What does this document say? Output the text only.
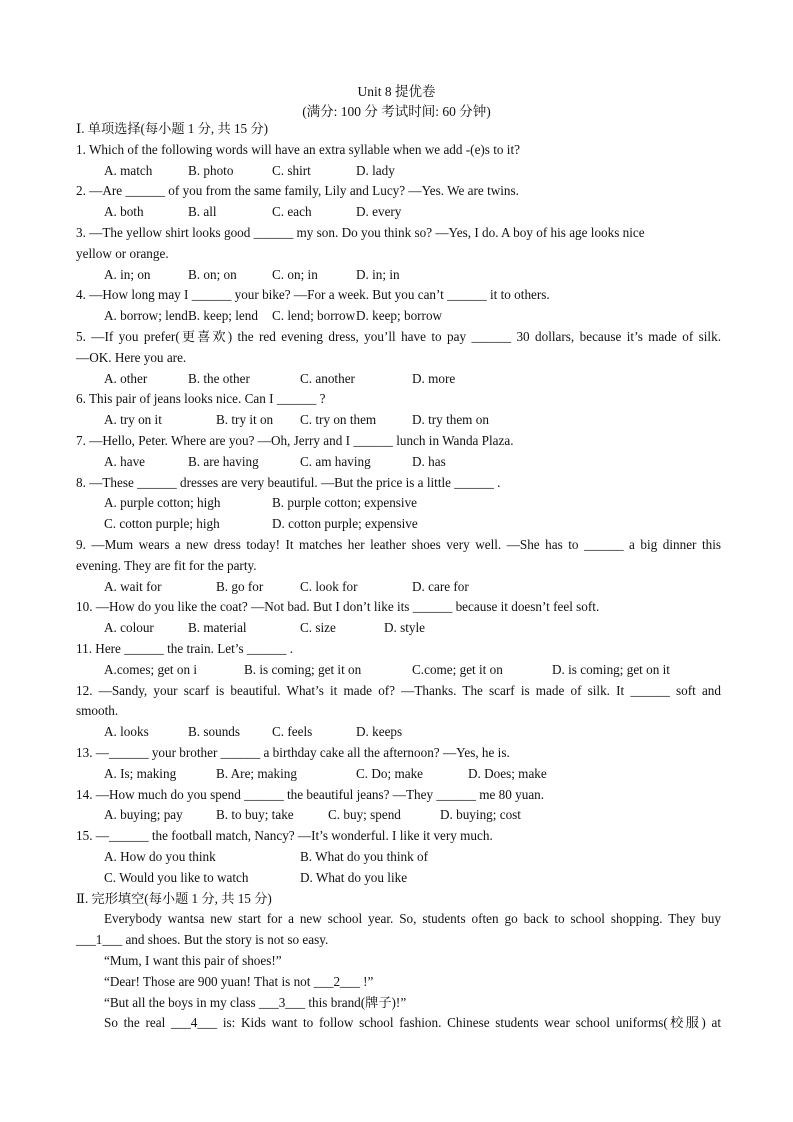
Unit 8 提优卷
(满分: 100 分 考试时间: 60 分钟)
Ⅰ. 单项选择(每小题 1 分, 共 15 分)
1. Which of the following words will have an extra syllable when we add -(e)s to it?
A. match	B. photo	C. shirt	D. lady
2. —Are ______ of you from the same family, Lily and Lucy? —Yes. We are twins.
A. both	B. all	C. each	D. every
3. —The yellow shirt looks good ______ my son. Do you think so? —Yes, I do. A boy of his age looks nice
yellow or orange.
A. in; on	B. on; on	C. on; in	D. in; in
4. —How long may I ______ your bike? —For a week. But you can’t ______ it to others.
A. borrow; lend B. keep; lend C. lend; borrow D. keep; borrow
5. —If you prefer(更喜欢) the red evening dress, you’ll have to pay ______ 30 dollars, because it’s made of silk.
—OK. Here you are.
A. other	B. the other	C. another	D. more
6. This pair of jeans looks nice. Can I ______ ?
A. try on it	B. try it on C. try on them	D. try them on
7. —Hello, Peter. Where are you? —Oh, Jerry and I ______ lunch in Wanda Plaza.
A. have	B. are having	C. am having	D. has
8. —These ______ dresses are very beautiful. —But the price is a little ______ .
A. purple cotton; high	B. purple cotton; expensive
C. cotton purple; high	D. cotton purple; expensive
9. —Mum wears a new dress today! It matches her leather shoes very well. —She has to ______ a big dinner this
evening. They are fit for the party.
A. wait for	B. go for	C. look for	D. care for
10. —How do you like the coat? —Not bad. But I don’t like its ______ because it doesn’t feel soft.
A. colour	B. material	C. size	D. style
11. Here ______ the train. Let’s ______ .
A.comes; get on i	B. is coming; get it on	C.come; get it on	D. is coming; get on it
12. —Sandy, your scarf is beautiful. What’s it made of? —Thanks. The scarf is made of silk. It ______ soft and
smooth.
A. looks	B. sounds C. feels	D. keeps
13. —______ your brother ______ a birthday cake all the afternoon? —Yes, he is.
A. Is; making	B. Are; making	C. Do; make	D. Does; make
14. —How much do you spend ______ the beautiful jeans? —They ______ me 80 yuan.
A. buying; pay	B. to buy; take	C. buy; spend	D. buying; cost
15. —______ the football match, Nancy? —It’s wonderful. I like it very much.
A. How do you think	B. What do you think of
C. Would you like to watch	D. What do you like
Ⅱ. 完形填空(每小题 1 分, 共 15 分)
Everybody wantsa new start for a new school year. So, students often go back to school shopping. They buy
___1___ and shoes. But the story is not so easy.
“Mum, I want this pair of shoes!”
“Dear! Those are 900 yuan! That is not ___2___ !”
“But all the boys in my class ___3___ this brand(牌子)!”
So the real ___4___ is: Kids want to follow school fashion. Chinese students wear school uniforms(校服) at
